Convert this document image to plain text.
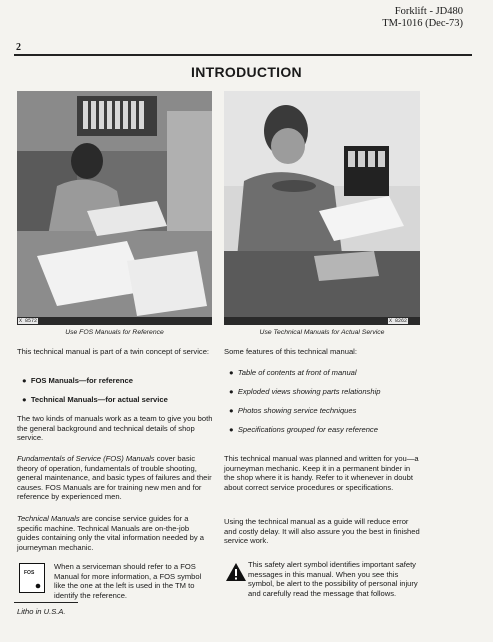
Forklift - JD480
TM-1016 (Dec-73)
2
INTRODUCTION
X 8572
Use FOS Manuals for Reference
X 8262
Use Technical Manuals for Actual Service
This technical manual is part of a twin concept of service:
●  FOS Manuals—for reference
●  Technical Manuals—for actual service
The two kinds of manuals work as a team to give you both the general background and technical details of shop service.
Fundamentals of Service (FOS) Manuals cover basic theory of operation, fundamentals of trouble shooting, general maintenance, and basic types of failures and their causes. FOS Manuals are for training new men and for reference by experienced men.
Technical Manuals are concise service guides for a specific machine. Technical Manuals are on-the-job guides containing only the vital information needed by a journeyman mechanic.
FOS
When a serviceman should refer to a FOS Manual for more information, a FOS symbol like the one at the left is used in the TM to identify the reference.
Some features of this technical manual:
●  Table of contents at front of manual
●  Exploded views showing parts relationship
●  Photos showing service techniques
●  Specifications grouped for easy reference
This technical manual was planned and written for you—a journeyman mechanic. Keep it in a permanent binder in the shop where it is handy. Refer to it whenever in doubt about correct service procedures or specifications.
Using the technical manual as a guide will reduce error and costly delay. It will also assure you the best in finished service work.
This safety alert symbol identifies important safety messages in this manual. When you see this symbol, be alert to the possibility of personal injury and carefully read the message that follows.
Litho in U.S.A.
